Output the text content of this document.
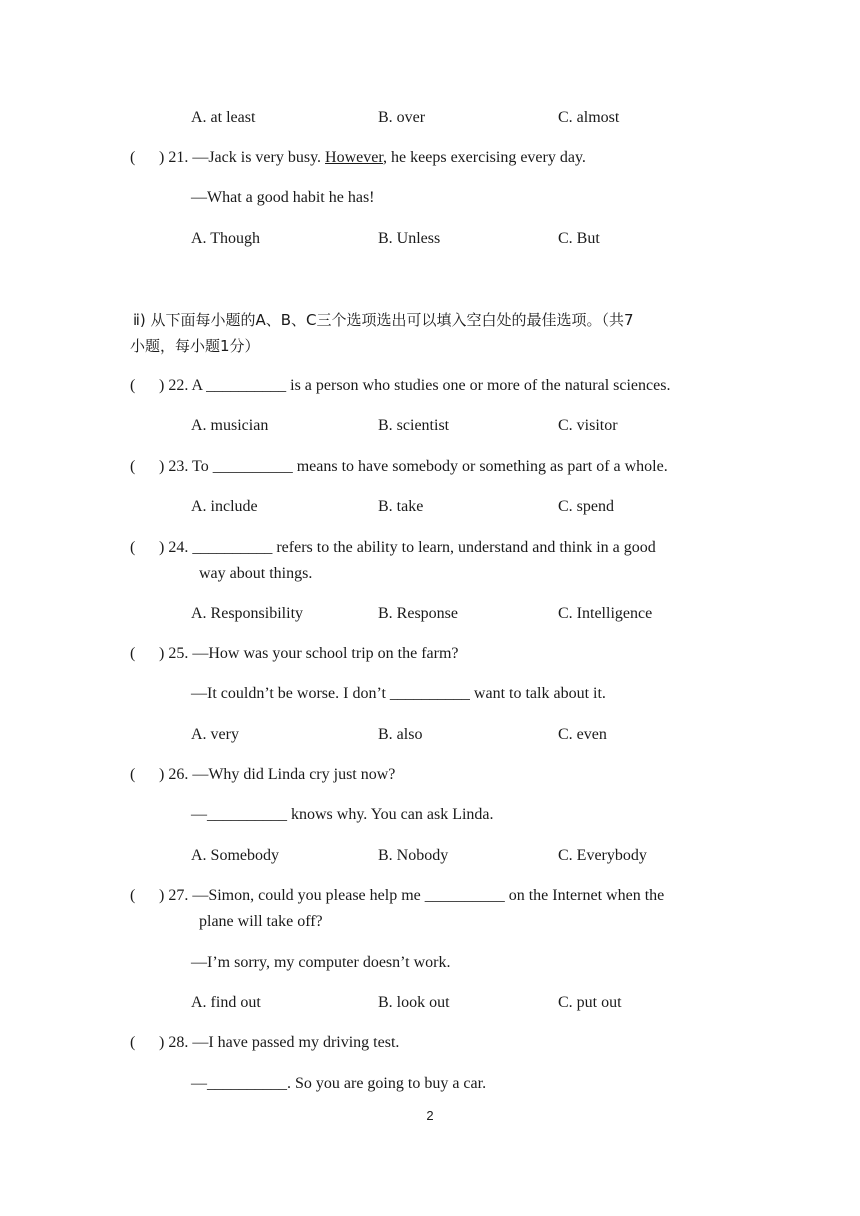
A. at least	B. over	C. almost
( ) 21. —Jack is very busy. However, he keeps exercising every day.
—What a good habit he has!
A. Though	B. Unless	C. But
ⅱ) 从下面每小题的A、B、C三个选项选出可以填入空白处的最佳选项。（共7
小题，每小题1分）
( ) 22. A __________ is a person who studies one or more of the natural sciences.
A. musician	B. scientist	C. visitor
( ) 23. To __________ means to have somebody or something as part of a whole.
A. include	B. take	C. spend
( ) 24. __________ refers to the ability to learn, understand and think in a good
way about things.
A. Responsibility	B. Response	C. Intelligence
( ) 25. —How was your school trip on the farm?
—It couldn’t be worse. I don’t __________ want to talk about it.
A. very	B. also	C. even
( ) 26. —Why did Linda cry just now?
—__________ knows why. You can ask Linda.
A. Somebody	B. Nobody	C. Everybody
( ) 27. —Simon, could you please help me __________ on the Internet when the
plane will take off?
—I’m sorry, my computer doesn’t work.
A. find out	B. look out	C. put out
( ) 28. —I have passed my driving test.
—__________. So you are going to buy a car.
2
